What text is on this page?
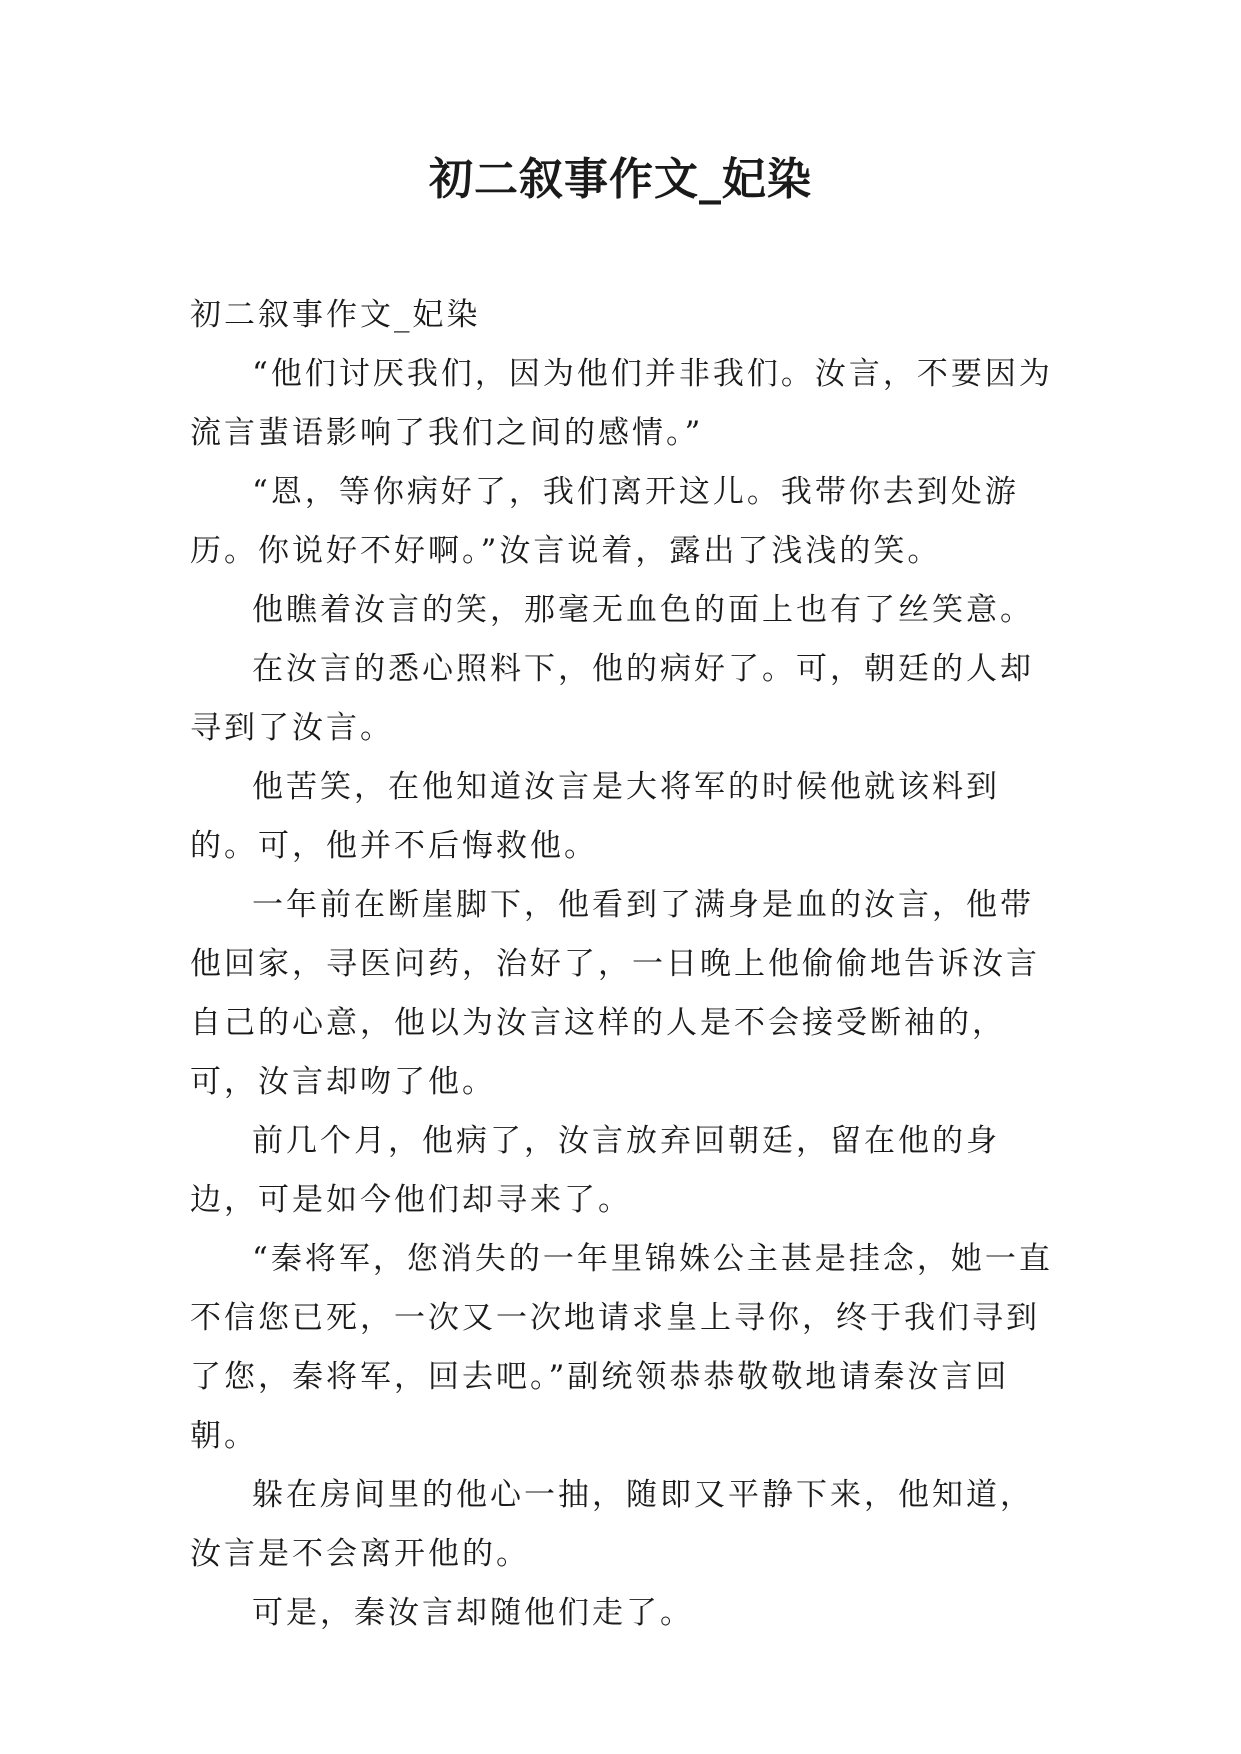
初二叙事作文_妃染

初二叙事作文_妃染

“他们讨厌我们，因为他们并非我们。汝言，不要因为流言蜚语影响了我们之间的感情。”

“恩，等你病好了，我们离开这儿。我带你去到处游历。你说好不好啊。”汝言说着，露出了浅浅的笑。

他瞧着汝言的笑，那毫无血色的面上也有了丝笑意。

在汝言的悉心照料下，他的病好了。可，朝廷的人却寻到了汝言。

他苦笑，在他知道汝言是大将军的时候他就该料到的。可，他并不后悔救他。

一年前在断崖脚下，他看到了满身是血的汝言，他带他回家，寻医问药，治好了，一日晚上他偷偷地告诉汝言自己的心意，他以为汝言这样的人是不会接受断袖的，可，汝言却吻了他。

前几个月，他病了，汝言放弃回朝廷，留在他的身边，可是如今他们却寻来了。

“秦将军，您消失的一年里锦姝公主甚是挂念，她一直不信您已死，一次又一次地请求皇上寻你，终于我们寻到了您，秦将军，回去吧。”副统领恭恭敬敬地请秦汝言回朝。

躲在房间里的他心一抽，随即又平静下来，他知道，汝言是不会离开他的。

可是，秦汝言却随他们走了。
